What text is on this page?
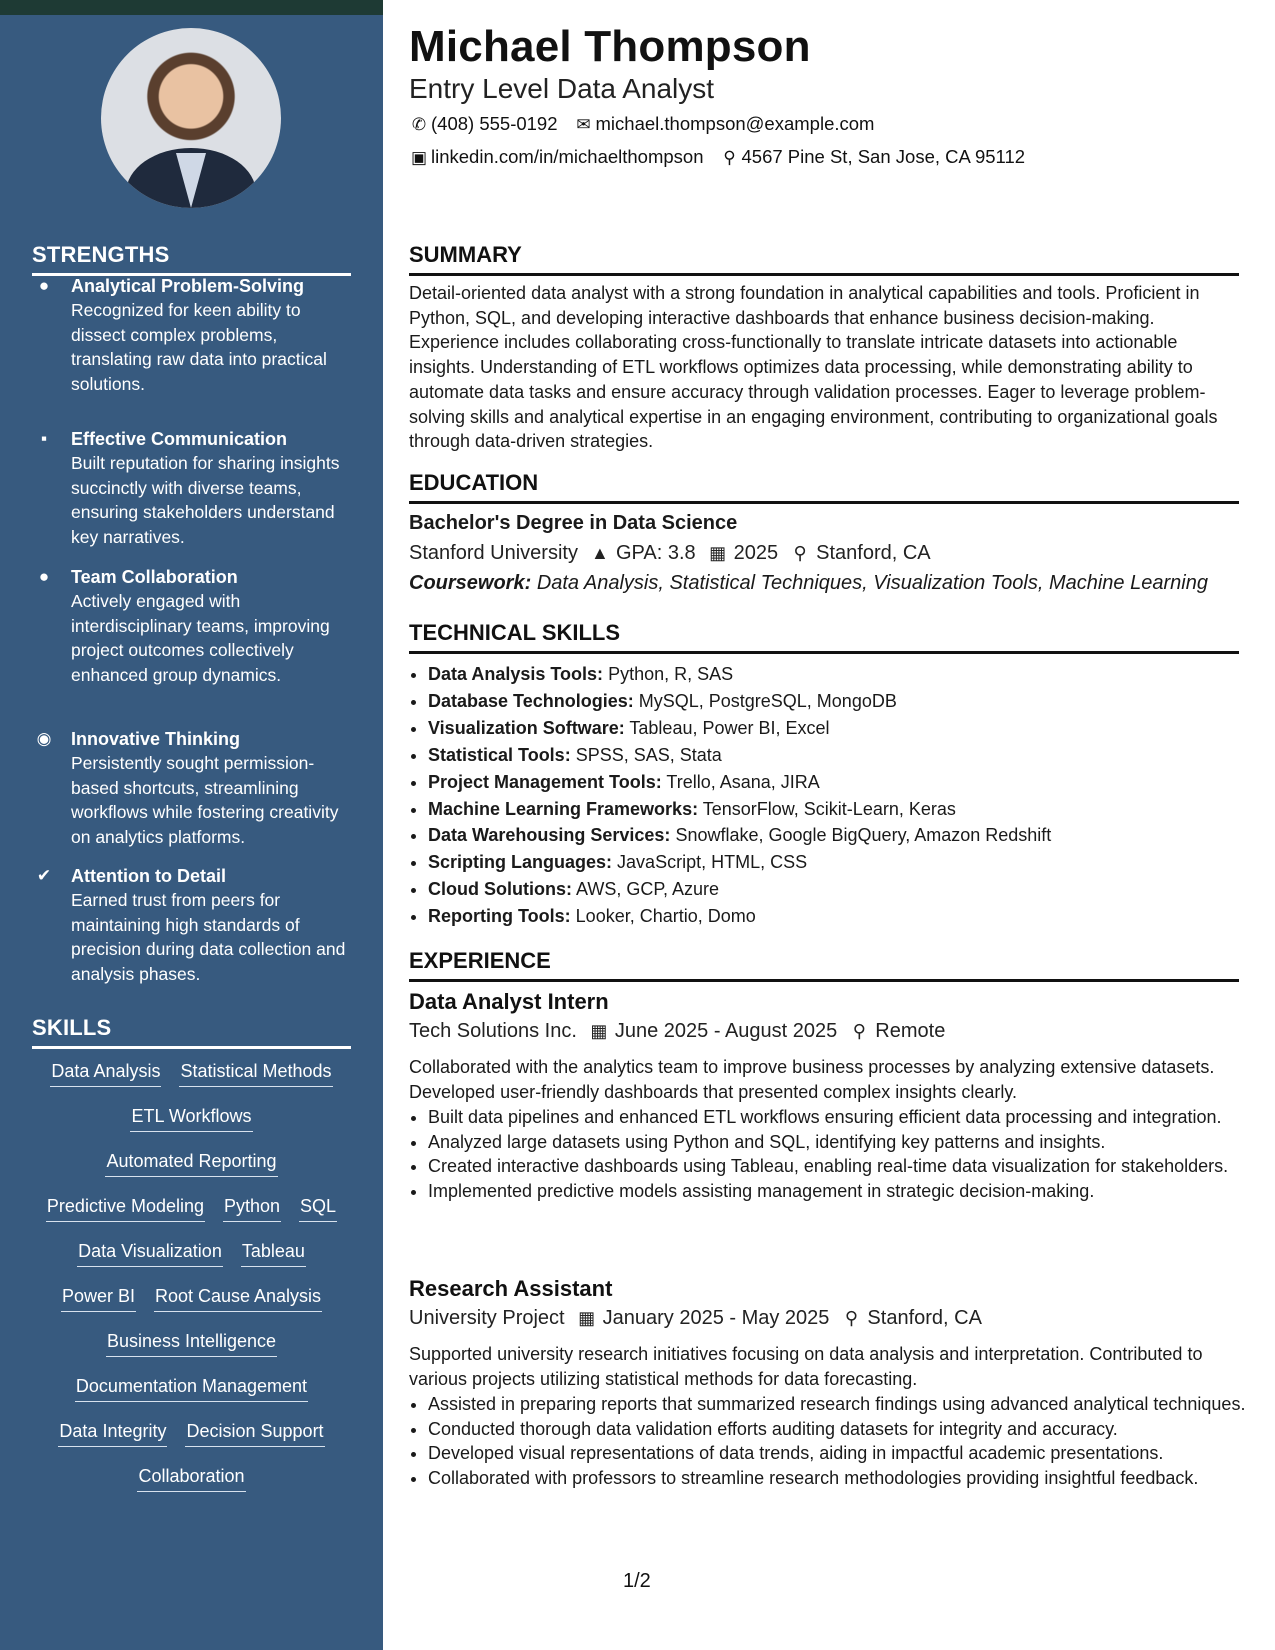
STRENGTHS
●	Analytical Problem-Solving
Recognized for keen ability to dissect complex problems, translating raw data into practical solutions.
▪	Effective Communication
Built reputation for sharing insights succinctly with diverse teams, ensuring stakeholders understand key narratives.
●	Team Collaboration
Actively engaged with interdisciplinary teams, improving project outcomes collectively enhanced group dynamics.
◉ Innovative Thinking
Persistently sought permission-based shortcuts, streamlining workflows while fostering creativity on analytics platforms.
✔ Attention to Detail
Earned trust from peers for maintaining high standards of precision during data collection and analysis phases.
SKILLS
Data Analysis Statistical Methods
ETL Workflows
Automated Reporting
Predictive Modeling Python SQL
Data Visualization Tableau
Power BI Root Cause Analysis
Business Intelligence
Documentation Management
Data Integrity Decision Support
Collaboration
Michael Thompson
Entry Level Data Analyst
✆ (408) 555-0192 ✉ michael.thompson@example.com
▣ linkedin.com/in/michaelthompson ⚲ 4567 Pine St, San Jose, CA 95112
SUMMARY
Detail-oriented data analyst with a strong foundation in analytical capabilities and tools. Proficient in Python, SQL, and developing interactive dashboards that enhance business decision-making. Experience includes collaborating cross-functionally to translate intricate datasets into actionable insights. Understanding of ETL workflows optimizes data processing, while demonstrating ability to automate data tasks and ensure accuracy through validation processes. Eager to leverage problem-solving skills and analytical expertise in an engaging environment, contributing to organizational goals through data-driven strategies.
EDUCATION
Bachelor's Degree in Data Science
Stanford University ▲ GPA: 3.8 ▦ 2025 ⚲ Stanford, CA
Coursework: Data Analysis, Statistical Techniques, Visualization Tools, Machine Learning
TECHNICAL SKILLS
• Data Analysis Tools: Python, R, SAS
• Database Technologies: MySQL, PostgreSQL, MongoDB
• Visualization Software: Tableau, Power BI, Excel
• Statistical Tools: SPSS, SAS, Stata
• Project Management Tools: Trello, Asana, JIRA
• Machine Learning Frameworks: TensorFlow, Scikit-Learn, Keras
• Data Warehousing Services: Snowflake, Google BigQuery, Amazon Redshift
• Scripting Languages: JavaScript, HTML, CSS
• Cloud Solutions: AWS, GCP, Azure
• Reporting Tools: Looker, Chartio, Domo
EXPERIENCE
Data Analyst Intern
Tech Solutions Inc. ▦ June 2025 - August 2025 ⚲ Remote
Collaborated with the analytics team to improve business processes by analyzing extensive datasets. Developed user-friendly dashboards that presented complex insights clearly.
• Built data pipelines and enhanced ETL workflows ensuring efficient data processing and integration.
• Analyzed large datasets using Python and SQL, identifying key patterns and insights.
• Created interactive dashboards using Tableau, enabling real-time data visualization for stakeholders.
• Implemented predictive models assisting management in strategic decision-making.
Research Assistant
University Project ▦ January 2025 - May 2025 ⚲ Stanford, CA
Supported university research initiatives focusing on data analysis and interpretation. Contributed to various projects utilizing statistical methods for data forecasting.
• Assisted in preparing reports that summarized research findings using advanced analytical techniques.
• Conducted thorough data validation efforts auditing datasets for integrity and accuracy.
• Developed visual representations of data trends, aiding in impactful academic presentations.
• Collaborated with professors to streamline research methodologies providing insightful feedback.
1/2
